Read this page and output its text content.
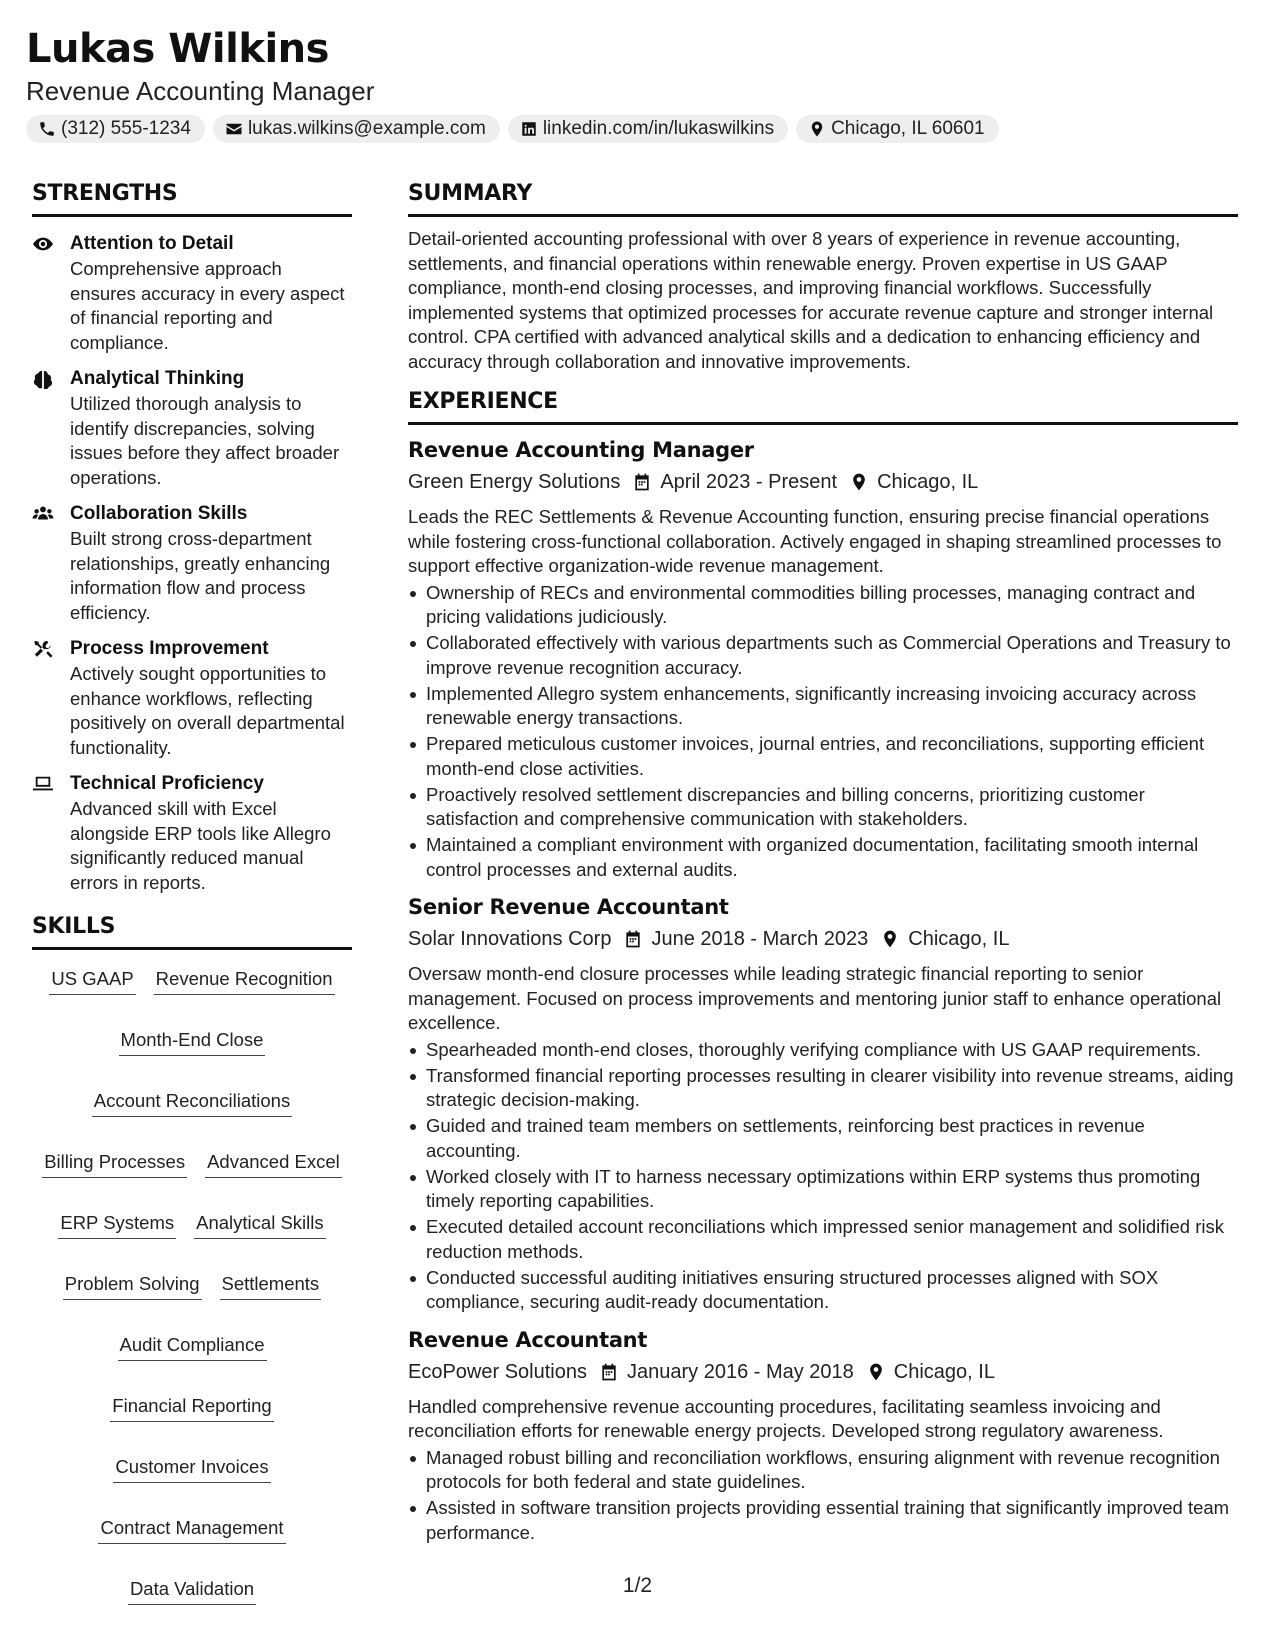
Lukas Wilkins
Revenue Accounting Manager
(312) 555-1234	lukas.wilkins@example.com	linkedin.com/in/lukaswilkins	Chicago, IL 60601
STRENGTHS
Attention to Detail
Comprehensive approach ensures accuracy in every aspect of financial reporting and compliance.
Analytical Thinking
Utilized thorough analysis to identify discrepancies, solving issues before they affect broader operations.
Collaboration Skills
Built strong cross-department relationships, greatly enhancing information flow and process efficiency.
Process Improvement
Actively sought opportunities to enhance workflows, reflecting positively on overall departmental functionality.
Technical Proficiency
Advanced skill with Excel alongside ERP tools like Allegro significantly reduced manual errors in reports.
SKILLS
US GAAP Revenue Recognition
Month-End Close
Account Reconciliations
Billing Processes Advanced Excel
ERP Systems Analytical Skills
Problem Solving Settlements
Audit Compliance
Financial Reporting
Customer Invoices
Contract Management
Data Validation
SUMMARY
Detail-oriented accounting professional with over 8 years of experience in revenue accounting, settlements, and financial operations within renewable energy. Proven expertise in US GAAP compliance, month-end closing processes, and improving financial workflows. Successfully implemented systems that optimized processes for accurate revenue capture and stronger internal control. CPA certified with advanced analytical skills and a dedication to enhancing efficiency and accuracy through collaboration and innovative improvements.
EXPERIENCE
Revenue Accounting Manager
Green Energy Solutions April 2023 - Present Chicago, IL
Leads the REC Settlements & Revenue Accounting function, ensuring precise financial operations while fostering cross-functional collaboration. Actively engaged in shaping streamlined processes to support effective organization-wide revenue management.
Ownership of RECs and environmental commodities billing processes, managing contract and pricing validations judiciously.
Collaborated effectively with various departments such as Commercial Operations and Treasury to improve revenue recognition accuracy.
Implemented Allegro system enhancements, significantly increasing invoicing accuracy across renewable energy transactions.
Prepared meticulous customer invoices, journal entries, and reconciliations, supporting efficient month-end close activities.
Proactively resolved settlement discrepancies and billing concerns, prioritizing customer satisfaction and comprehensive communication with stakeholders.
Maintained a compliant environment with organized documentation, facilitating smooth internal control processes and external audits.
Senior Revenue Accountant
Solar Innovations Corp June 2018 - March 2023 Chicago, IL
Oversaw month-end closure processes while leading strategic financial reporting to senior management. Focused on process improvements and mentoring junior staff to enhance operational excellence.
Spearheaded month-end closes, thoroughly verifying compliance with US GAAP requirements.
Transformed financial reporting processes resulting in clearer visibility into revenue streams, aiding strategic decision-making.
Guided and trained team members on settlements, reinforcing best practices in revenue accounting.
Worked closely with IT to harness necessary optimizations within ERP systems thus promoting timely reporting capabilities.
Executed detailed account reconciliations which impressed senior management and solidified risk reduction methods.
Conducted successful auditing initiatives ensuring structured processes aligned with SOX compliance, securing audit-ready documentation.
Revenue Accountant
EcoPower Solutions January 2016 - May 2018 Chicago, IL
Handled comprehensive revenue accounting procedures, facilitating seamless invoicing and reconciliation efforts for renewable energy projects. Developed strong regulatory awareness.
Managed robust billing and reconciliation workflows, ensuring alignment with revenue recognition protocols for both federal and state guidelines.
Assisted in software transition projects providing essential training that significantly improved team performance.
1/2
